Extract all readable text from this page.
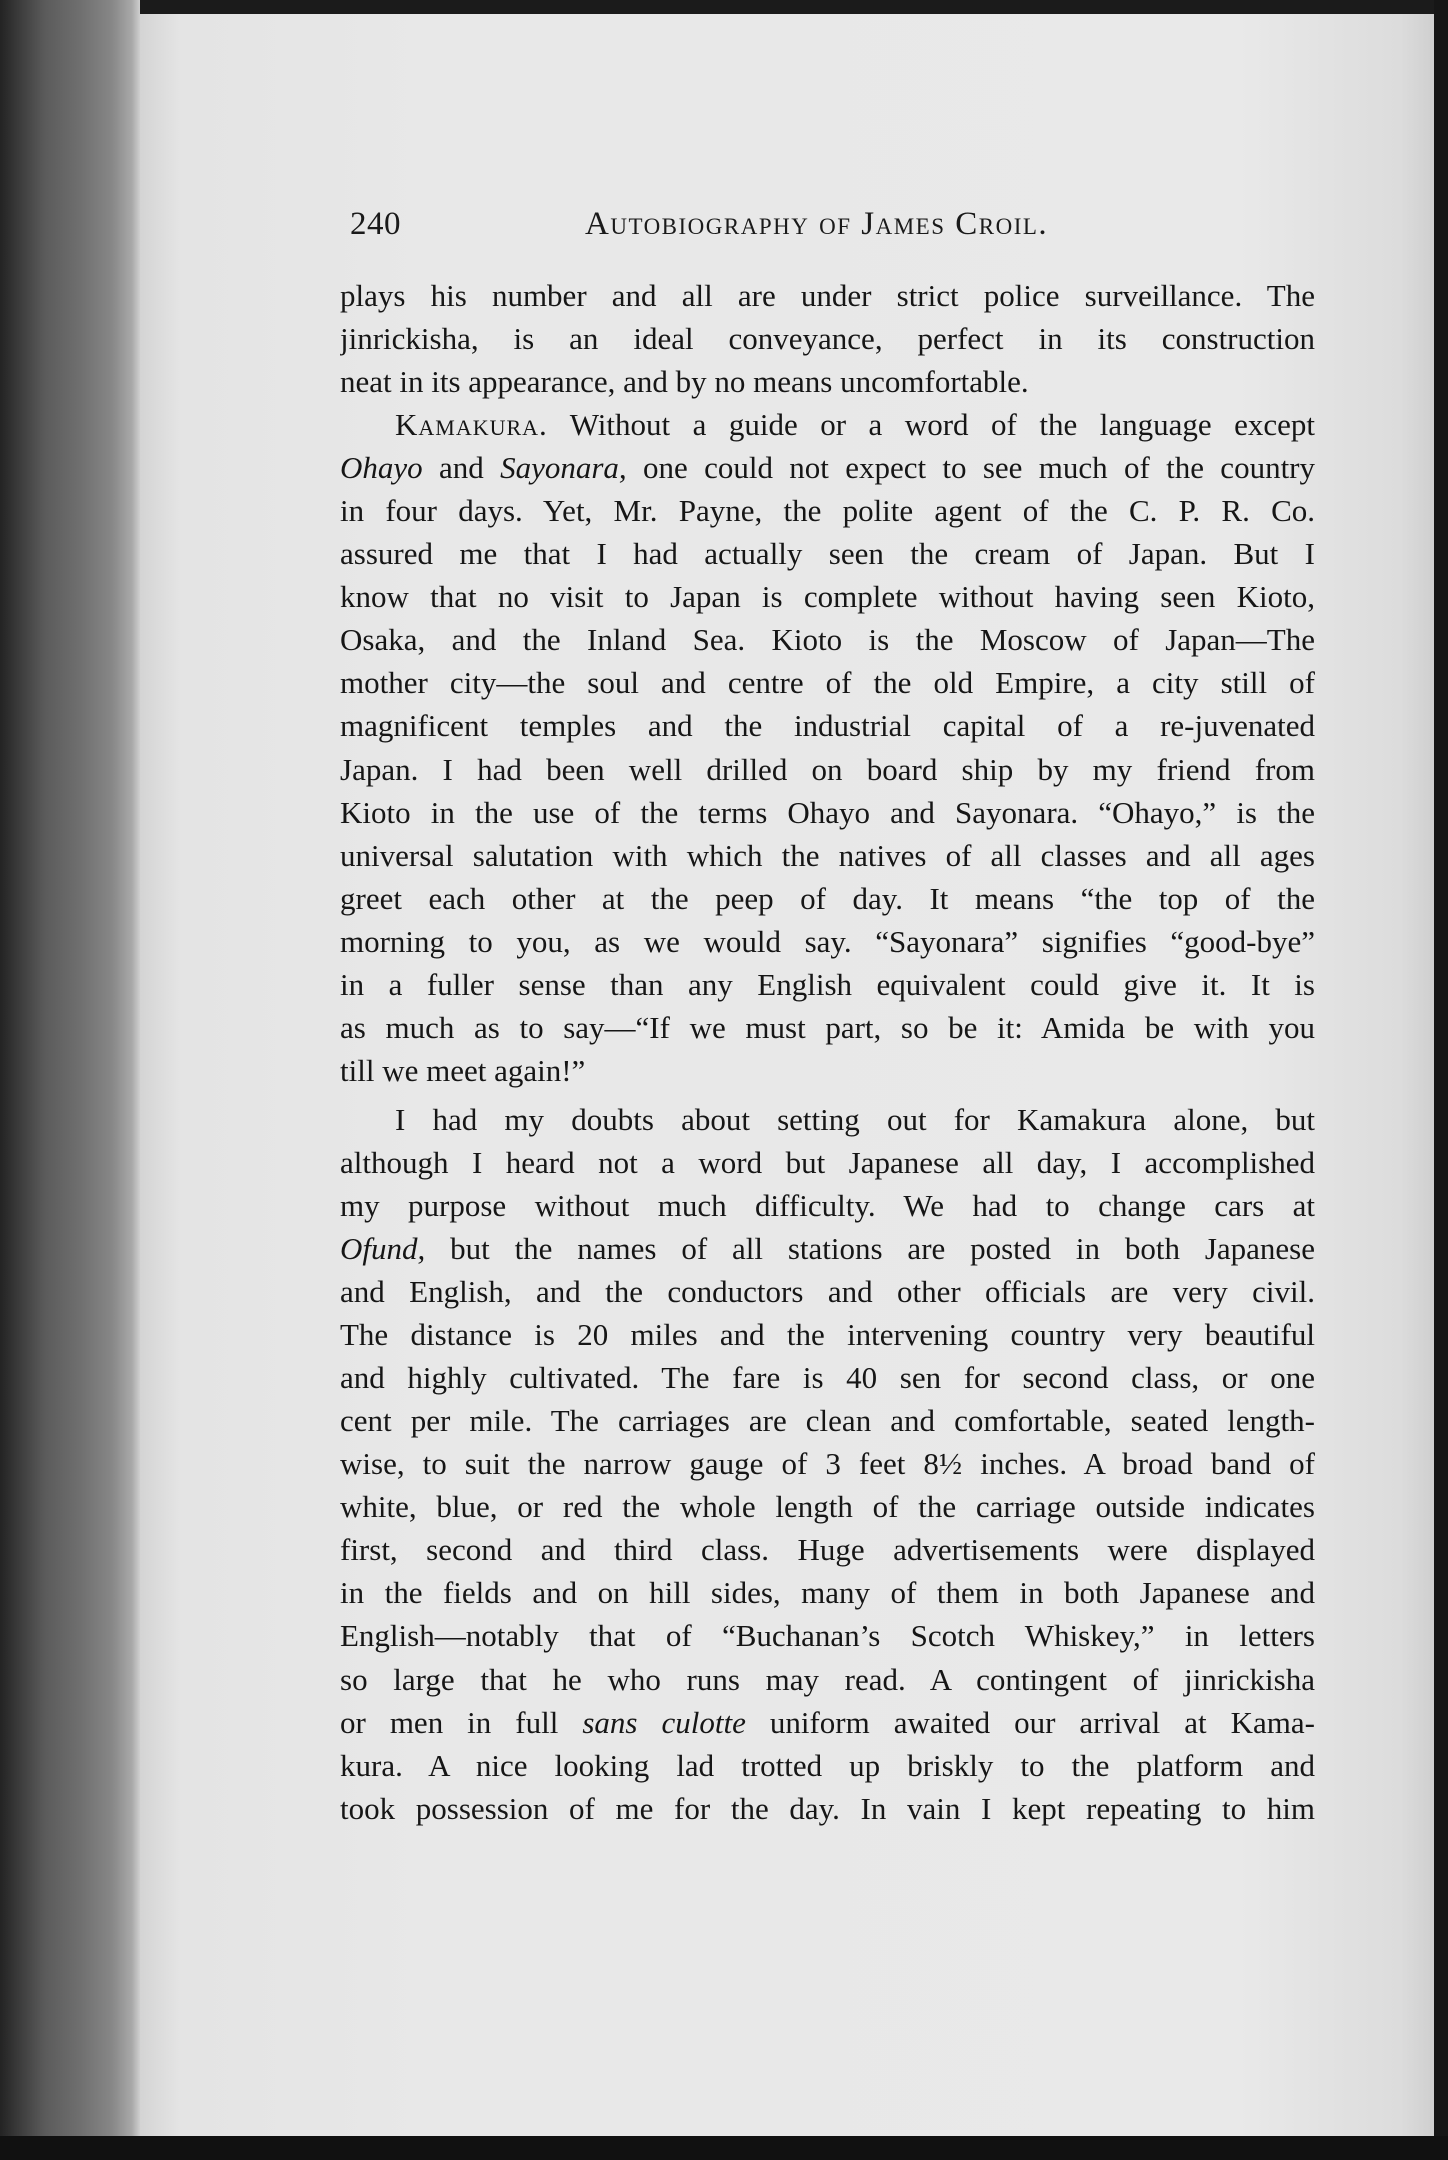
240	Autobiography of James Croil.
plays his number and all are under strict police surveillance. The
jinrickisha, is an ideal conveyance, perfect in its construction
neat in its appearance, and by no means uncomfortable.
Kamakura. Without a guide or a word of the language except
Ohayo and Sayonara, one could not expect to see much of the country
in four days. Yet, Mr. Payne, the polite agent of the C. P. R. Co.
assured me that I had actually seen the cream of Japan. But I
know that no visit to Japan is complete without having seen Kioto,
Osaka, and the Inland Sea. Kioto is the Moscow of Japan—The
mother city—the soul and centre of the old Empire, a city still of
magnificent temples and the industrial capital of a re-juvenated
Japan. I had been well drilled on board ship by my friend from
Kioto in the use of the terms Ohayo and Sayonara. “Ohayo,” is the
universal salutation with which the natives of all classes and all ages
greet each other at the peep of day. It means “the top of the
morning to you, as we would say. “Sayonara” signifies “good-bye”
in a fuller sense than any English equivalent could give it. It is
as much as to say—“If we must part, so be it: Amida be with you
till we meet again!”
I had my doubts about setting out for Kamakura alone, but
although I heard not a word but Japanese all day, I accomplished
my purpose without much difficulty. We had to change cars at
Ofund, but the names of all stations are posted in both Japanese
and English, and the conductors and other officials are very civil.
The distance is 20 miles and the intervening country very beautiful
and highly cultivated. The fare is 40 sen for second class, or one
cent per mile. The carriages are clean and comfortable, seated length-
wise, to suit the narrow gauge of 3 feet 8½ inches. A broad band of
white, blue, or red the whole length of the carriage outside indicates
first, second and third class. Huge advertisements were displayed
in the fields and on hill sides, many of them in both Japanese and
English—notably that of “Buchanan’s Scotch Whiskey,” in letters
so large that he who runs may read. A contingent of jinrickisha
or men in full sans culotte uniform awaited our arrival at Kama-
kura. A nice looking lad trotted up briskly to the platform and
took possession of me for the day. In vain I kept repeating to him
